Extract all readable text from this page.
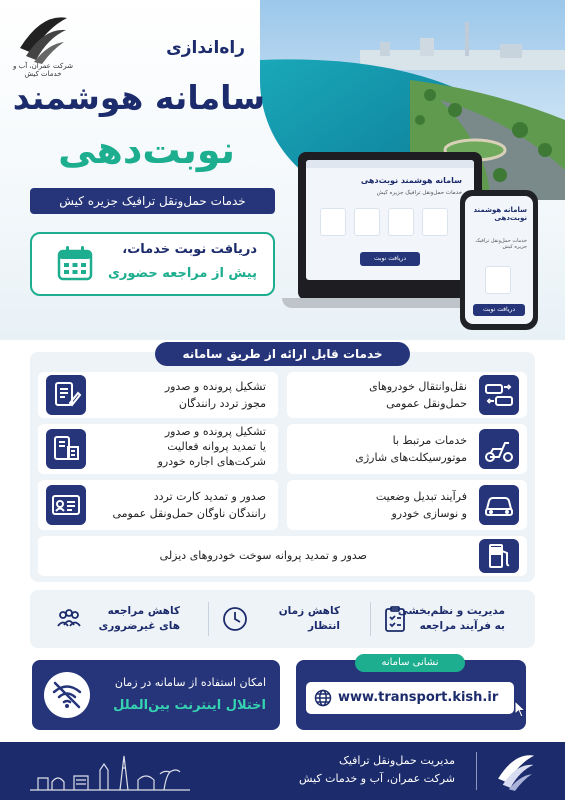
شرکت عمران، آب و خدمات کیش
راه‌اندازی
سامانه هوشمند
نوبت‌دهی
خدمات حمل‌ونقل ترافیک جزیره کیش
دریافت نوبت خدمات،
پیش از مراجعه حضوری
سامانه هوشمند نوبت‌دهی
خدمات حمل‌ونقل ترافیک جزیره کیش
دریافت نوبت
سامانه هوشمند نوبت‌دهی
خدمات حمل‌ونقل ترافیک جزیره کیش
دریافت نوبت
خدمات قابل ارائه از طریق سامانه
نقل‌وانتقال خودروهای
حمل‌ونقل عمومی
خدمات مرتبط با
موتورسیکلت‌های شارژی
فرآیند تبدیل وضعیت
و نوسازی خودرو
تشکیل پرونده و صدور
مجوز تردد رانندگان
تشکیل پرونده و صدور
یا تمدید پروانه فعالیت
شرکت‌های اجاره خودرو
صدور و تمدید کارت تردد
رانندگان ناوگان حمل‌ونقل عمومی
صدور و تمدید پروانه سوخت خودروهای دیزلی
مدیریت و نظم‌بخشی
به فرآیند مراجعه
کاهش زمان
انتظار
کاهش مراجعه
های غیرضروری
امکان استفاده از سامانه در زمان
اختلال اینترنت بین‌الملل
www.transport.kish.ir
نشانی سامانه
مدیریت حمل‌ونقل ترافیک
شرکت عمران، آب و خدمات کیش
